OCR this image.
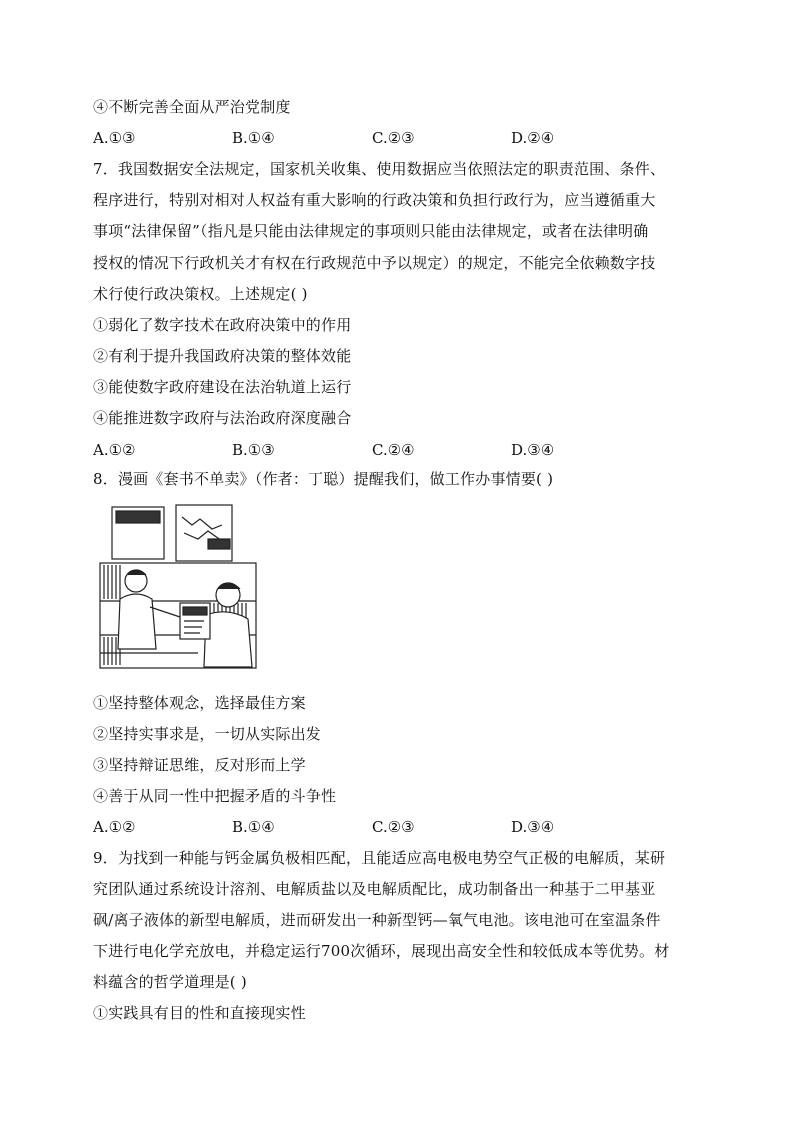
④不断完善全面从严治党制度
A.①③	B.①④	C.②③	D.②④
7．我国数据安全法规定，国家机关收集、使用数据应当依照法定的职责范围、条件、
程序进行，特别对相对人权益有重大影响的行政决策和负担行政行为，应当遵循重大
事项“法律保留”（指凡是只能由法律规定的事项则只能由法律规定，或者在法律明确
授权的情况下行政机关才有权在行政规范中予以规定）的规定，不能完全依赖数字技
术行使行政决策权。上述规定( )
①弱化了数字技术在政府决策中的作用
②有利于提升我国政府决策的整体效能
③能使数字政府建设在法治轨道上运行
④能推进数字政府与法治政府深度融合
A.①②	B.①③	C.②④	D.③④
8．漫画《套书不单卖》（作者：丁聪）提醒我们，做工作办事情要( )
①坚持整体观念，选择最佳方案
②坚持实事求是，一切从实际出发
③坚持辩证思维，反对形而上学
④善于从同一性中把握矛盾的斗争性
A.①②	B.①④	C.②③	D.③④
9．为找到一种能与钙金属负极相匹配，且能适应高电极电势空气正极的电解质，某研
究团队通过系统设计溶剂、电解质盐以及电解质配比，成功制备出一种基于二甲基亚
砜/离子液体的新型电解质，进而研发出一种新型钙—氧气电池。该电池可在室温条件
下进行电化学充放电，并稳定运行700次循环，展现出高安全性和较低成本等优势。材
料蕴含的哲学道理是( )
①实践具有目的性和直接现实性
